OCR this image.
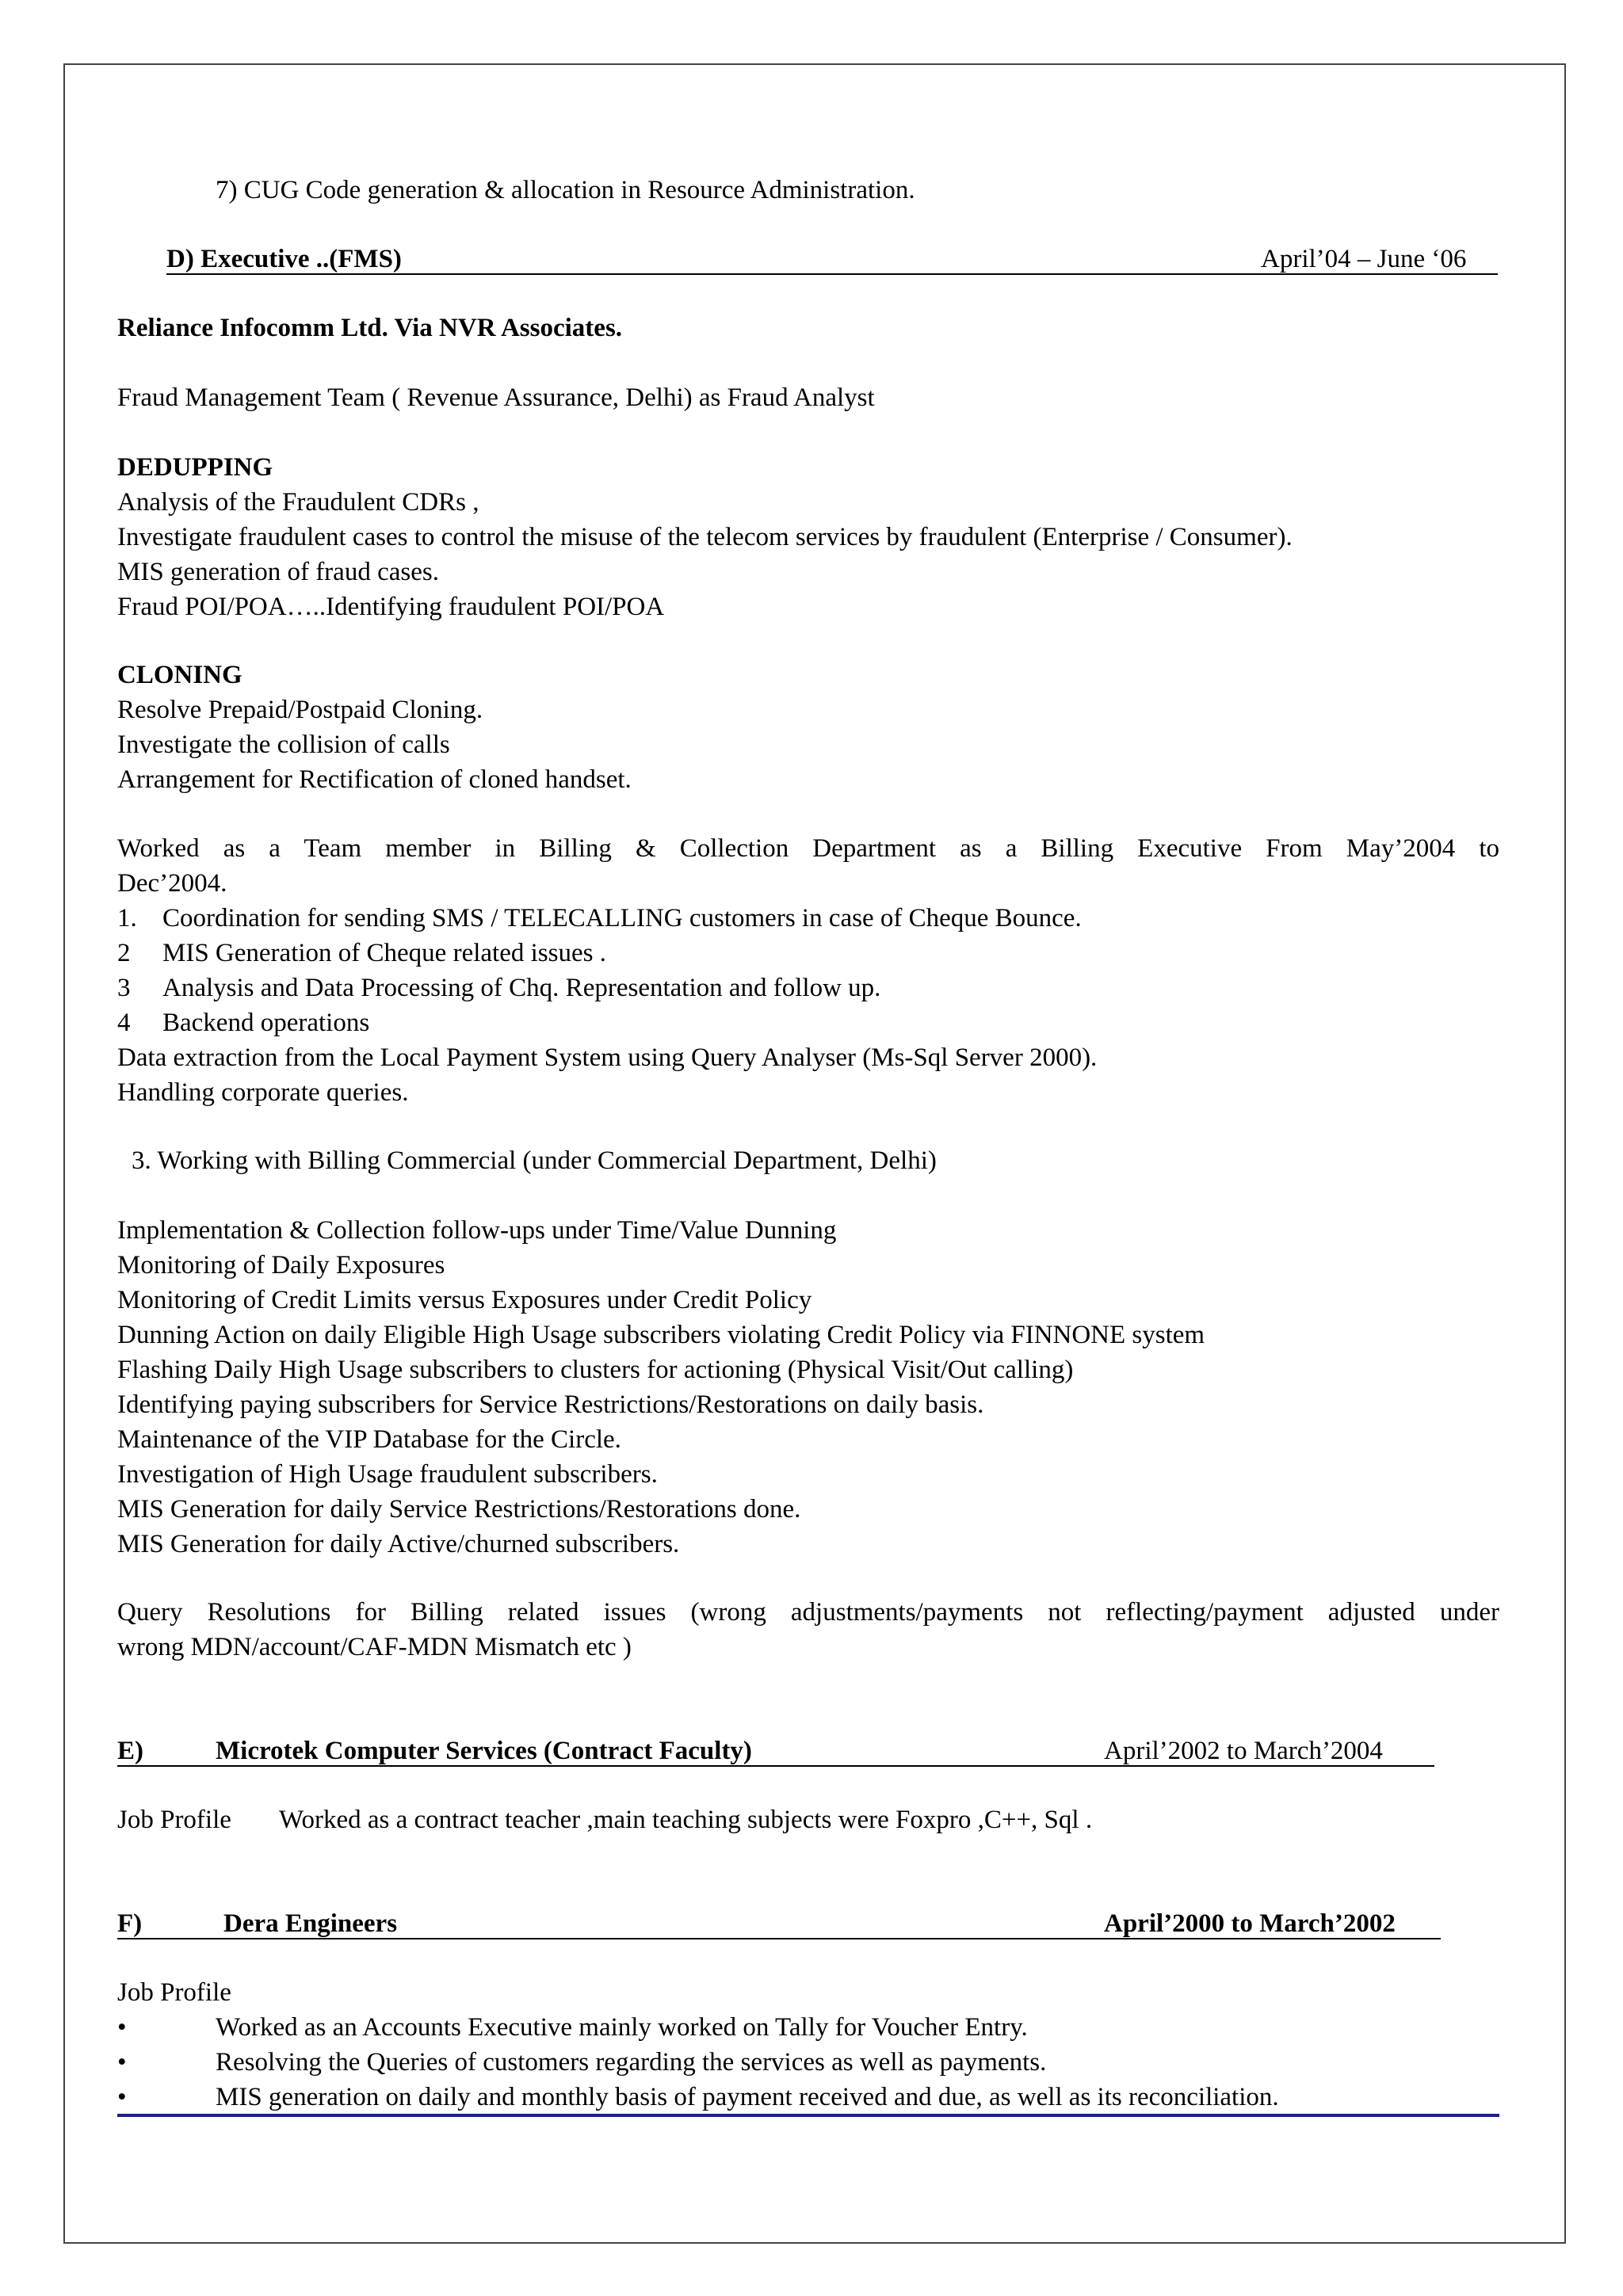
7) CUG Code generation & allocation in Resource Administration.
D) Executive ..(FMS)	April’04 – June ‘06
Reliance Infocomm Ltd. Via NVR Associates.
Fraud Management Team ( Revenue Assurance, Delhi) as Fraud Analyst
DEDUPPING
Analysis of the Fraudulent CDRs ,
Investigate fraudulent cases to control the misuse of the telecom services by fraudulent (Enterprise / Consumer).
MIS generation of fraud cases.
Fraud POI/POA…..Identifying fraudulent POI/POA
CLONING
Resolve Prepaid/Postpaid Cloning.
Investigate the collision of calls
Arrangement for Rectification of cloned handset.
Worked as a Team member in Billing & Collection Department as a Billing Executive From May’2004 to
Dec’2004.
1. Coordination for sending SMS / TELECALLING customers in case of Cheque Bounce.
2 MIS Generation of Cheque related issues .
3 Analysis and Data Processing of Chq. Representation and follow up.
4 Backend operations
Data extraction from the Local Payment System using Query Analyser (Ms-Sql Server 2000).
Handling corporate queries.
3. Working with Billing Commercial (under Commercial Department, Delhi)
Implementation & Collection follow-ups under Time/Value Dunning
Monitoring of Daily Exposures
Monitoring of Credit Limits versus Exposures under Credit Policy
Dunning Action on daily Eligible High Usage subscribers violating Credit Policy via FINNONE system
Flashing Daily High Usage subscribers to clusters for actioning (Physical Visit/Out calling)
Identifying paying subscribers for Service Restrictions/Restorations on daily basis.
Maintenance of the VIP Database for the Circle.
Investigation of High Usage fraudulent subscribers.
MIS Generation for daily Service Restrictions/Restorations done.
MIS Generation for daily Active/churned subscribers.
Query Resolutions for Billing related issues (wrong adjustments/payments not reflecting/payment adjusted under
wrong MDN/account/CAF-MDN Mismatch etc )
E)	Microtek Computer Services (Contract Faculty)	April’2002 to March’2004
Job Profile Worked as a contract teacher ,main teaching subjects were Foxpro ,C++, Sql .
F)	Dera Engineers	April’2000 to March’2002
Job Profile
•	Worked as an Accounts Executive mainly worked on Tally for Voucher Entry.
•	Resolving the Queries of customers regarding the services as well as payments.
•	MIS generation on daily and monthly basis of payment received and due, as well as its reconciliation.
